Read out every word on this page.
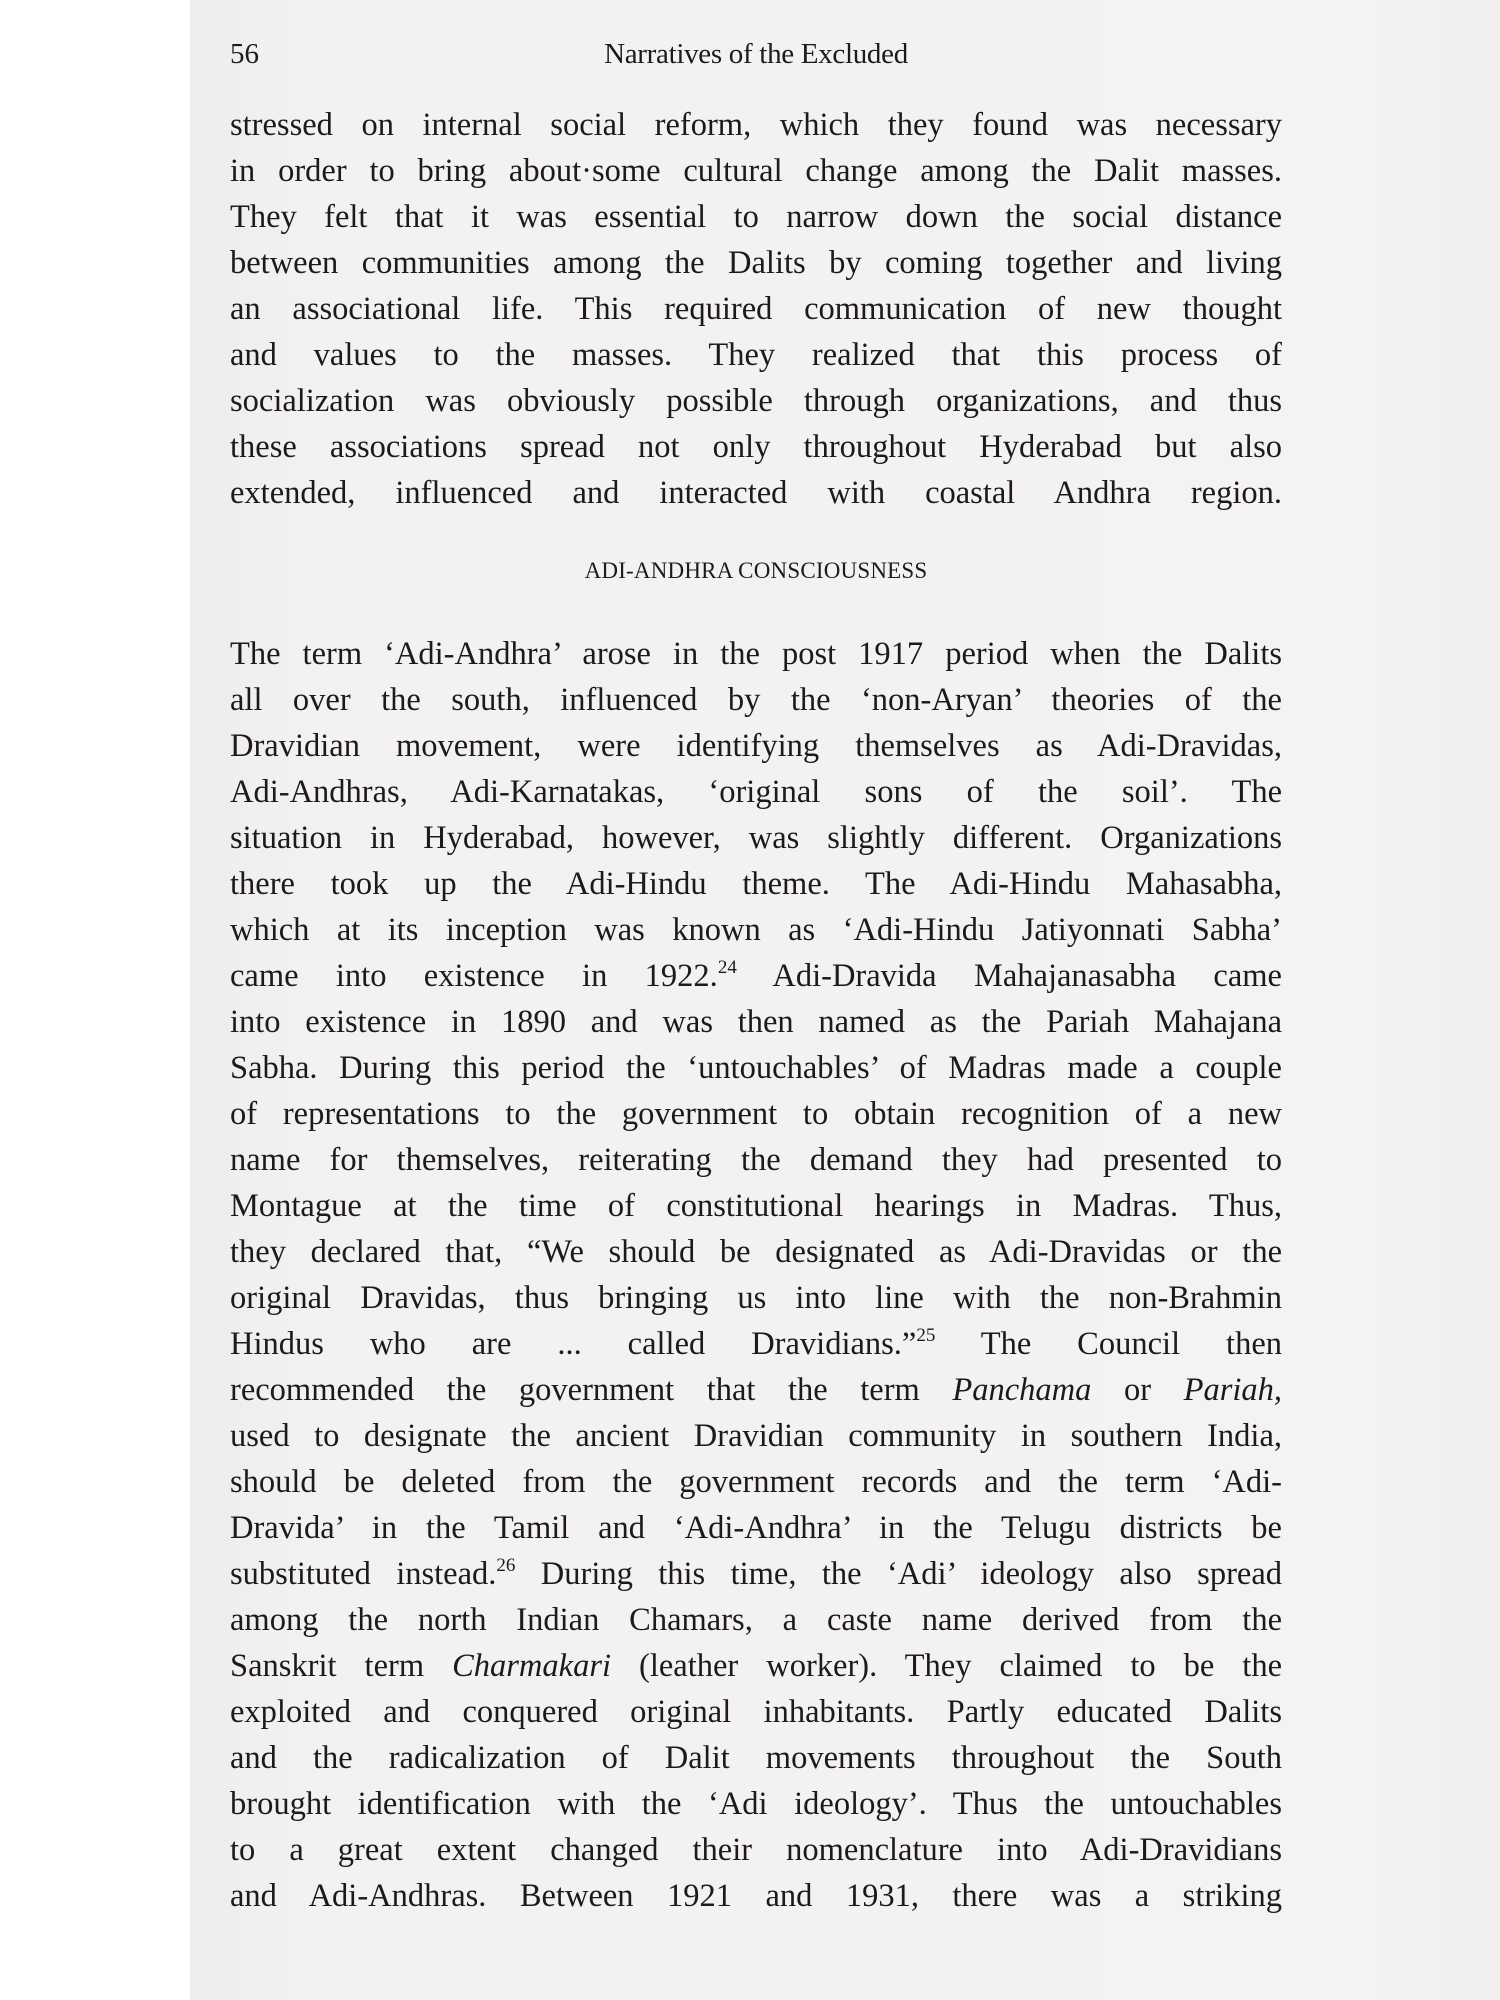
56	Narratives of the Excluded
stressed on internal social reform, which they found was necessary
in order to bring about·some cultural change among the Dalit masses.
They felt that it was essential to narrow down the social distance
between communities among the Dalits by coming together and living
an associational life. This required communication of new thought
and values to the masses. They realized that this process of
socialization was obviously possible through organizations, and thus
these associations spread not only throughout Hyderabad but also
extended, influenced and interacted with coastal Andhra region.
ADI-ANDHRA CONSCIOUSNESS
The term ‘Adi-Andhra’ arose in the post 1917 period when the Dalits
all over the south, influenced by the ‘non-Aryan’ theories of the
Dravidian movement, were identifying themselves as Adi-Dravidas,
Adi-Andhras, Adi-Karnatakas, ‘original sons of the soil’. The
situation in Hyderabad, however, was slightly different. Organizations
there took up the Adi-Hindu theme. The Adi-Hindu Mahasabha,
which at its inception was known as ‘Adi-Hindu Jatiyonnati Sabha’
came into existence in 1922.24 Adi-Dravida Mahajanasabha came
into existence in 1890 and was then named as the Pariah Mahajana
Sabha. During this period the ‘untouchables’ of Madras made a couple
of representations to the government to obtain recognition of a new
name for themselves, reiterating the demand they had presented to
Montague at the time of constitutional hearings in Madras. Thus,
they declared that, “We should be designated as Adi-Dravidas or the
original Dravidas, thus bringing us into line with the non-Brahmin
Hindus who are ... called Dravidians.”$^{25}$ The Council then
recommended the government that the term Panchama or Pariah,
used to designate the ancient Dravidian community in southern India,
should be deleted from the government records and the term ‘Adi-
Dravida’ in the Tamil and ‘Adi-Andhra’ in the Telugu districts be
substituted instead.$^{26}$ During this time, the ‘Adi’ ideology also spread
among the north Indian Chamars, a caste name derived from the
Sanskrit term Charmakari (leather worker). They claimed to be the
exploited and conquered original inhabitants. Partly educated Dalits
and the radicalization of Dalit movements throughout the South
brought identification with the ‘Adi ideology’. Thus the untouchables
to a great extent changed their nomenclature into Adi-Dravidians
and Adi-Andhras. Between 1921 and 1931, there was a striking
